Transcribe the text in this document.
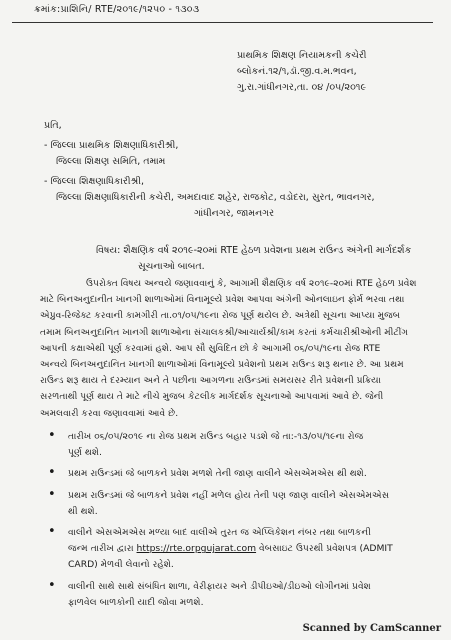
ક્રમાંક:પ્રાશિનિ/ RTE/૨૦૧૯/૧૨૫૦ - ૧૩૦૩
પ્રાથમિક શિક્ષણ નિયામકની કચેરી
બ્લોકનં.૧૨/૧,ડૉ.જી.વ.મ.ભવન,
ગુ.રા.ગાંધીનગર,તા. ૦૪ /૦૫/૨૦૧૯
પ્રતિ,
- જિલ્લા પ્રાથમિક શિક્ષણાધિકારીશ્રી,
જિલ્લા શિક્ષણ સમિતિ, તમામ
- જિલ્લા શિક્ષણાધિકારીશ્રી,
જિલ્લા શિક્ષણાધિકારીની કચેરી, અમદાવાદ શહેર, રાજકોટ, વડોદરા, સુરત, ભાવનગર,
ગાંધીનગર, જામનગર
વિષય: શૈક્ષણિક વર્ષ ૨૦૧૯-૨૦માં RTE હેઠળ પ્રવેશના પ્રથમ રાઉન્ડ અંગેની માર્ગદર્શક
સૂચનાઓ બાબત.
ઉપરોક્ત વિષય અન્વયે જણાવવાનું કે, આગામી શૈક્ષણિક વર્ષ ૨૦૧૯-૨૦માં RTE હેઠળ પ્રવેશ
માટે બિનઅનુદાનીત ખાનગી શાળાઓમાં વિનામૂલ્યે પ્રવેશ આપવા અંગેની ઓનલાઇન ફોર્મ ભરવા તથા
એપ્રુવ-રિજેક્ટ કરવાની કામગીરી તા.૦૧/૦૫/૧૯ના રોજ પૂર્ણ થયેલ છે. અત્રેથી સૂચના આપ્યા મુજબ
તમામ બિનઅનુદાનિત ખાનગી શાળાઓના સંચાલકશ્રી/આચાર્યશ્રી/કામ કરતાં કર્મચારીશ્રીઓની મીટીંગ
આપની કક્ષાએથી પૂર્ણ કરવામાં હશે. આપ સૌ સુવિદિત છો કે આગામી ૦૬/૦૫/૧૯ના રોજ RTE
અન્વયે બિનઅનુદાનિત ખાનગી શાળાઓમાં વિનામૂલ્યે પ્રવેશનો પ્રથમ રાઉન્ડ શરૂ થનાર છે. આ પ્રથમ
રાઉન્ડ શરૂ થાય તે દરમ્યાન અને તે પછીના આગળના રાઉન્ડમાં સમયસર રીતે પ્રવેશની પ્રક્રિયા
સરળતાથી પૂર્ણ થાય તે માટે નીચે મુજબ કેટલીક માર્ગદર્શક સૂચનાઓ આપવામાં આવે છે. જેની
અમલવારી કરવા જણાવવામાં આવે છે.
• તારીખ ૦૬/૦૫/૨૦૧૯ ના રોજ પ્રથમ રાઉન્ડ બહાર પડશે જે તા:-૧૩/૦૫/૧૯ના રોજ
પૂર્ણ થશે.
• પ્રથમ રાઉન્ડમાં જે બાળકને પ્રવેશ મળશે તેની જાણ વાલીને એસએમએસ થી થશે.
• પ્રથમ રાઉન્ડમાં જે બાળકને પ્રવેશ નહીં મળેલ હોય તેની પણ જાણ વાલીને એસએમએસ
થી થશે.
• વાલીને એસએમએસ મળ્યા બાદ વાલીએ તુરત જ એપ્લિકેશન નંબર તથા બાળકની
જન્મ તારીખ દ્વારા https://rte.orpgujarat.com વેબસાઇટ ઉપરથી પ્રવેશપત્ર (ADMIT
CARD) મેળવી લેવાનો રહેશે.
• વાલીની સાથે સાથે સંબંધિત શાળા, વેરીફાયર અને ડીપીઇઓ/ડીઇઓ લોગીનમાં પ્રવેશ
ફાળવેલ બાળકોની યાદી જોવા મળશે.
Scanned by CamScanner
